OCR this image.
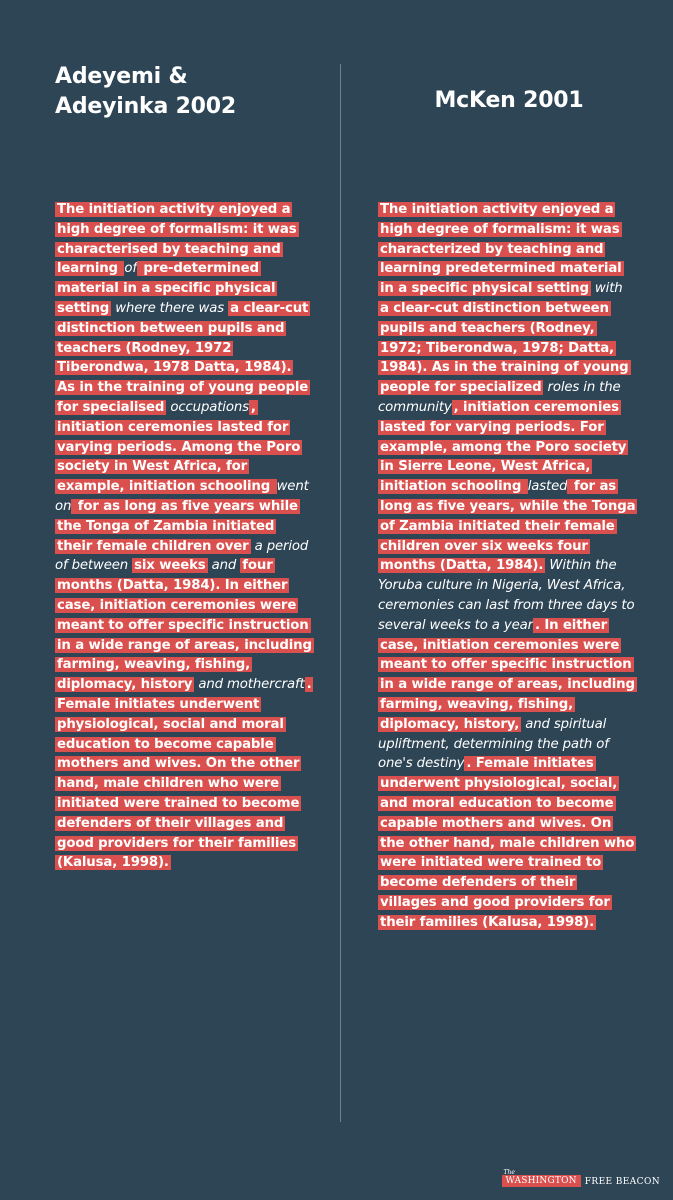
Adeyemi &
Adeyinka 2002	McKen 2001

The initiation activity enjoyed a high degree of formalism: it was characterised by teaching and learning of pre-determined material in a specific physical setting where there was a clear-cut distinction between pupils and teachers (Rodney, 1972 Tiberondwa, 1978 Datta, 1984). As in the training of young people for specialised occupations , initiation ceremonies lasted for varying periods. Among the Poro society in West Africa, for example, initiation schooling went on for as long as five years while the Tonga of Zambia initiated their female children over a period of between six weeks and four months (Datta, 1984). In either case, initiation ceremonies were meant to offer specific instruction in a wide range of areas, including farming, weaving, fishing, diplomacy, history and mothercraft . Female initiates underwent physiological, social and moral education to become capable mothers and wives. On the other hand, male children who were initiated were trained to become defenders of their villages and good providers for their families (Kalusa, 1998).

The initiation activity enjoyed a high degree of formalism: it was characterized by teaching and learning predetermined material in a specific physical setting with a clear-cut distinction between pupils and teachers (Rodney, 1972; Tiberondwa, 1978; Datta, 1984). As in the training of young people for specialized roles in the community , initiation ceremonies lasted for varying periods. For example, among the Poro society in Sierre Leone, West Africa, initiation schooling lasted for as long as five years, while the Tonga of Zambia initiated their female children over six weeks four months (Datta, 1984). Within the Yoruba culture in Nigeria, West Africa, ceremonies can last from three days to several weeks to a year . In either case, initiation ceremonies were meant to offer specific instruction in a wide range of areas, including farming, weaving, fishing, diplomacy, history, and spiritual upliftment, determining the path of one's destiny . Female initiates underwent physiological, social, and moral education to become capable mothers and wives. On the other hand, male children who were initiated were trained to become defenders of their villages and good providers for their families (Kalusa, 1998).

The
WASHINGTON FREE BEACON
